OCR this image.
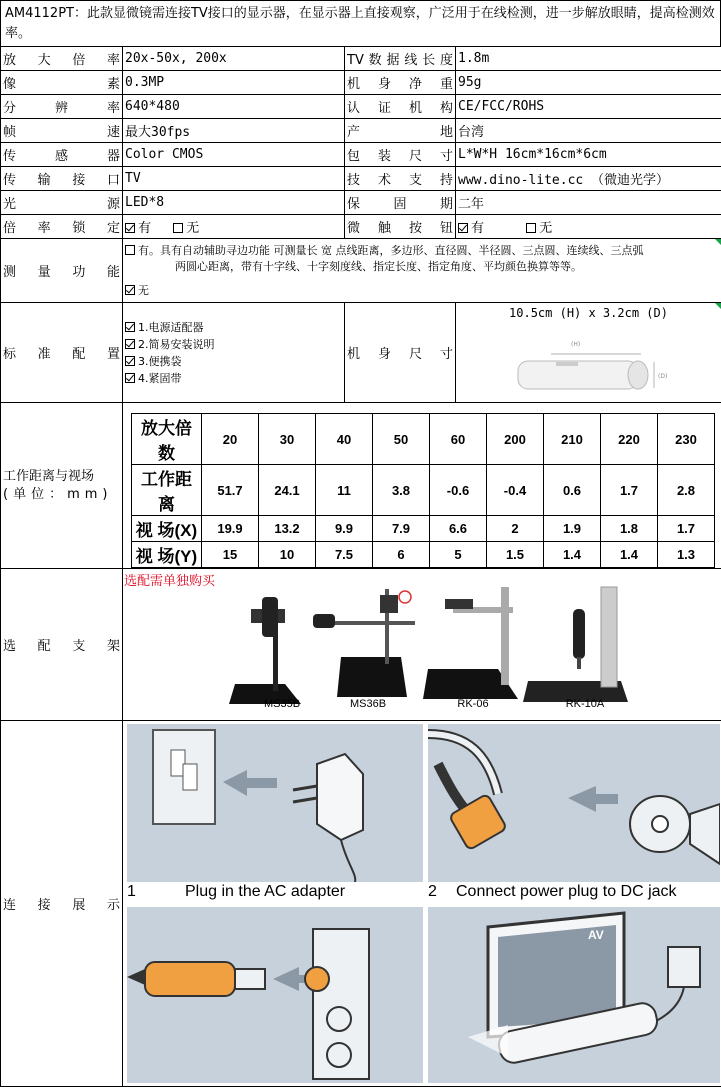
AM4112PT：此款显微镜需连接TV接口的显示器，在显示器上直接观察，广泛用于在线检测，进一步解放眼睛，提高检测效率。
放 大 倍 率	20x-50x, 200x	TV数据线长度	1.8m
像 素	0.3MP	机 身 净 重	95g
分 辨 率	640*480	认 证 机 构	CE/FCC/ROHS
帧 速	最大30fps	产 地	台湾
传 感 器	Color CMOS	包 装 尺 寸	L*W*H 16cm*16cm*6cm
传 输 接 口	TV	技 术 支 持	www.dino-lite.cc （微迪光学）
光 源	LED*8	保 固 期	二年
倍 率 锁 定	有	无	微 触 按 钮	有	无
测 量 功 能	
有。具有自动辅助寻边功能 可测量长 宽 点线距离，多边形、直径圆、半径圆、三点圆、连续线、三点弧
两圆心距离，带有十字线、十字刻度线、指定长度、指定角度、平均颜色换算等等。
无

标 准 配 置	
1.电源适配器
2.简易安装说明
3.便携袋
4.紧固带
	机 身 尺 寸	
10.5cm (H) x 3.2cm (D)
(H)
(D)

工作距离与视场
(单位：mm)

放大倍数	20	30	40	50	60	200	210	220	230
工作距离	51.7	24.1	11	3.8	-0.6	-0.4	0.6	1.7	2.8
视 场(X)	19.9	13.2	9.9	7.9	6.6	2	1.9	1.8	1.7
视 场(Y)	15	10	7.5	6	5	1.5	1.4	1.4	1.3

选 配 支 架	
选配需单独购买
MS35B	MS36B	RK-06	RK-10A

连 接 展 示	
1	Plug in the AC adapter	2 Connect power plug to DC jack
AV
